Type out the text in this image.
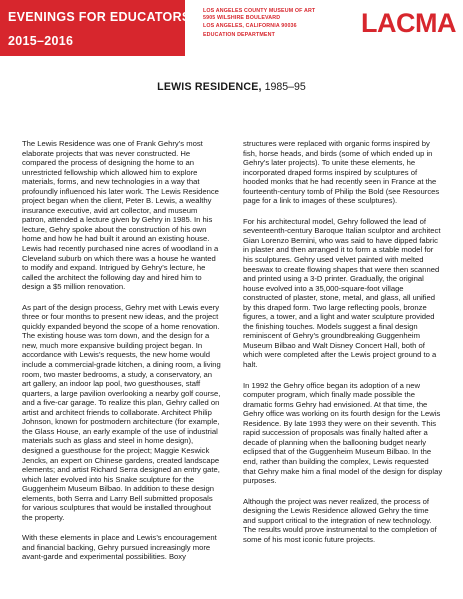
EVENINGS FOR EDUCATORS
2015–2016
LOS ANGELES COUNTY MUSEUM OF ART
5905 WILSHIRE BOULEVARD
LOS ANGELES, CALIFORNIA 90036
EDUCATION DEPARTMENT	LACMA
LEWIS RESIDENCE, 1985–95

The Lewis Residence was one of Frank Gehry’s most elaborate projects that was never constructed. He compared the process of designing the home to an unrestricted fellowship which allowed him to explore materials, forms, and new technologies in a way that profoundly influenced his later work. The Lewis Residence project began when the client, Peter B. Lewis, a wealthy insurance executive, avid art collector, and museum patron, attended a lecture given by Gehry in 1985. In his lecture, Gehry spoke about the construction of his own home and how he had built it around an existing house. Lewis had recently purchased nine acres of woodland in a Cleveland suburb on which there was a house he wanted to modify and expand. Intrigued by Gehry’s lecture, he called the architect the following day and hired him to design a $5 million renovation.

As part of the design process, Gehry met with Lewis every three or four months to present new ideas, and the project quickly expanded beyond the scope of a home renovation. The existing house was torn down, and the design for a new, much more expansive building project began. In accordance with Lewis’s requests, the new home would include a commercial-grade kitchen, a dining room, a living room, two master bedrooms, a study, a conservatory, an art gallery, an indoor lap pool, two guesthouses, staff quarters, a large pavilion overlooking a nearby golf course, and a five-car garage. To realize this plan, Gehry called on artist and architect friends to collaborate. Architect Philip Johnson, known for postmodern architecture (for example, the Glass House, an early example of the use of industrial materials such as glass and steel in home design), designed a guesthouse for the project; Maggie Keswick Jencks, an expert on Chinese gardens, created landscape elements; and artist Richard Serra designed an entry gate, which later evolved into his Snake sculpture for the Guggenheim Museum Bilbao. In addition to these design elements, both Serra and Larry Bell submitted proposals for various sculptures that would be installed throughout the property.

With these elements in place and Lewis’s encouragement and financial backing, Gehry pursued increasingly more avant-garde and experimental possibilities. Boxy

structures were replaced with organic forms inspired by fish, horse heads, and birds (some of which ended up in Gehry’s later projects). To unite these elements, he incorporated draped forms inspired by sculptures of hooded monks that he had recently seen in France at the fourteenth-century tomb of Philip the Bold (see Resources page for a link to images of these sculptures).

For his architectural model, Gehry followed the lead of seventeenth-century Baroque Italian sculptor and architect Gian Lorenzo Bernini, who was said to have dipped fabric in plaster and then arranged it to form a stable model for his sculptures. Gehry used velvet painted with melted beeswax to create flowing shapes that were then scanned and printed using a 3-D printer. Gradually, the original house evolved into a 35,000-square-foot village constructed of plaster, stone, metal, and glass, all unified by this draped form. Two large reflecting pools, bronze figures, a tower, and a light and water sculpture provided the finishing touches. Models suggest a final design reminiscent of Gehry’s groundbreaking Guggenheim Museum Bilbao and Walt Disney Concert Hall, both of which were completed after the Lewis project ground to a halt.

In 1992 the Gehry office began its adoption of a new computer program, which finally made possible the dramatic forms Gehry had envisioned. At that time, the Gehry office was working on its fourth design for the Lewis Residence. By late 1993 they were on their seventh. This rapid succession of proposals was finally halted after a decade of planning when the ballooning budget nearly eclipsed that of the Guggenheim Museum Bilbao. In the end, rather than building the complex, Lewis requested that Gehry make him a final model of the design for display purposes.

Although the project was never realized, the process of designing the Lewis Residence allowed Gehry the time and support critical to the integration of new technology. The results would prove instrumental to the completion of some of his most iconic future projects.
